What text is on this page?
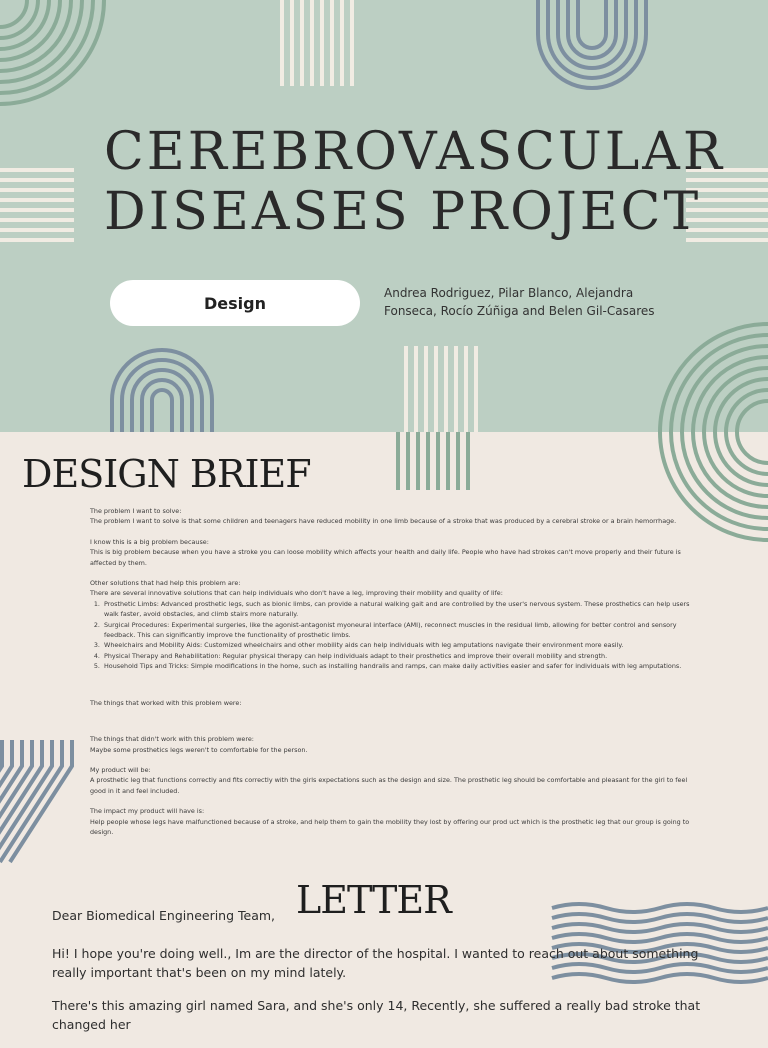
CEREBROVASCULAR
DISEASES PROJECT
Design
Andrea Rodriguez, Pilar Blanco, Alejandra Fonseca, Rocío Zúñiga and Belen Gil-Casares
DESIGN BRIEF

The problem I want to solve:

The problem I want to solve is that some children and teenagers have reduced mobility in one limb because of a stroke that was produced by a cerebral stroke or a brain hemorrhage.

I know this is a big problem because:

This is big problem because when you have a stroke you can loose mobility which affects your health and daily life. People who have had strokes can't move properly and their future is affected by them.

Other solutions that had help this problem are:

There are several innovative solutions that can help individuals who don't have a leg, improving their mobility and quality of life:

1. Prosthetic Limbs: Advanced prosthetic legs, such as bionic limbs, can provide a natural walking gait and are controlled by the user's nervous system. These prosthetics can help users walk faster, avoid obstacles, and climb stairs more naturally.
2. Surgical Procedures: Experimental surgeries, like the agonist-antagonist myoneural interface (AMI), reconnect muscles in the residual limb, allowing for better control and sensory feedback. This can significantly improve the functionality of prosthetic limbs.
3. Wheelchairs and Mobility Aids: Customized wheelchairs and other mobility aids can help individuals with leg amputations navigate their environment more easily.
4. Physical Therapy and Rehabilitation: Regular physical therapy can help individuals adapt to their prosthetics and improve their overall mobility and strength.
5. Household Tips and Tricks: Simple modifications in the home, such as installing handrails and ramps, can make daily activities easier and safer for individuals with leg amputations.

The things that worked with this problem were:

The things that didn't work with this problem were:

Maybe some prosthetics legs weren't to comfortable for the person.

My product will be:

A prosthetic leg that functions correctly and fits correctly with the girls expectations such as the design and size. The prosthetic leg should be comfortable and pleasant for the girl to feel good in it and feel included.

The impact my product will have is:

Help people whose legs have malfunctioned because of a stroke, and help them to gain the mobility they lost by offering our prod uct which is the prosthetic leg that our group is going to design.

LETTER
Dear Biomedical Engineering Team,

Hi! I hope you're doing well., Im are the director of the hospital. I wanted to reach out about something really important that's been on my mind lately.

There's this amazing girl named Sara, and she's only 14, Recently, she suffered a really bad stroke that changed her
